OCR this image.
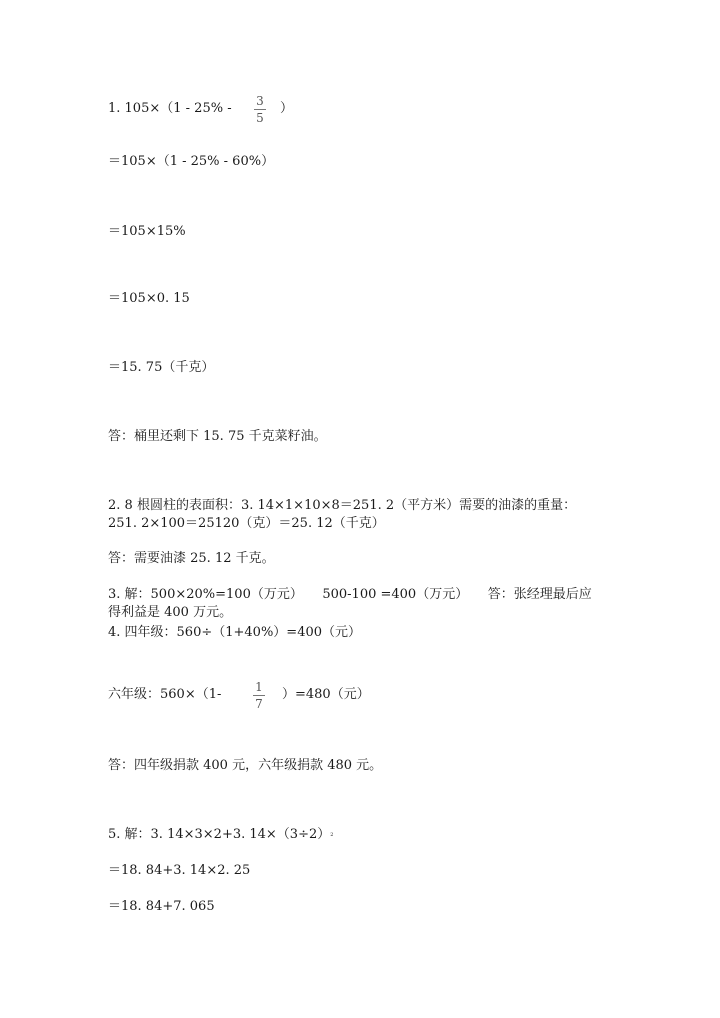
1. 105×（1 - 25% - 3
5
）
＝105×（1 - 25% - 60%）
＝105×15%
＝105×0. 15
＝15. 75（千克）
答：桶里还剩下 15. 75 千克菜籽油。
2. 8 根圆柱的表面积：3. 14×1×10×8＝251. 2（平方米）需要的油漆的重量：
251. 2×100＝25120（克）＝25. 12（千克）
答：需要油漆 25. 12 千克。
3. 解：500×20%=100（万元）　　500-100 =400（万元）　　答：张经理最后应
得利益是 400 万元。
4. 四年级：560÷（1+40%）=400（元）
六年级：560×（1-	1
7
）=480（元）
答：四年级捐款 400 元，六年级捐款 480 元。
5. 解：3. 14×3×2+3. $14\times(3\div 2)^2$
＝18. 84+3. 14×2. 25
＝18. 84+7. 065
